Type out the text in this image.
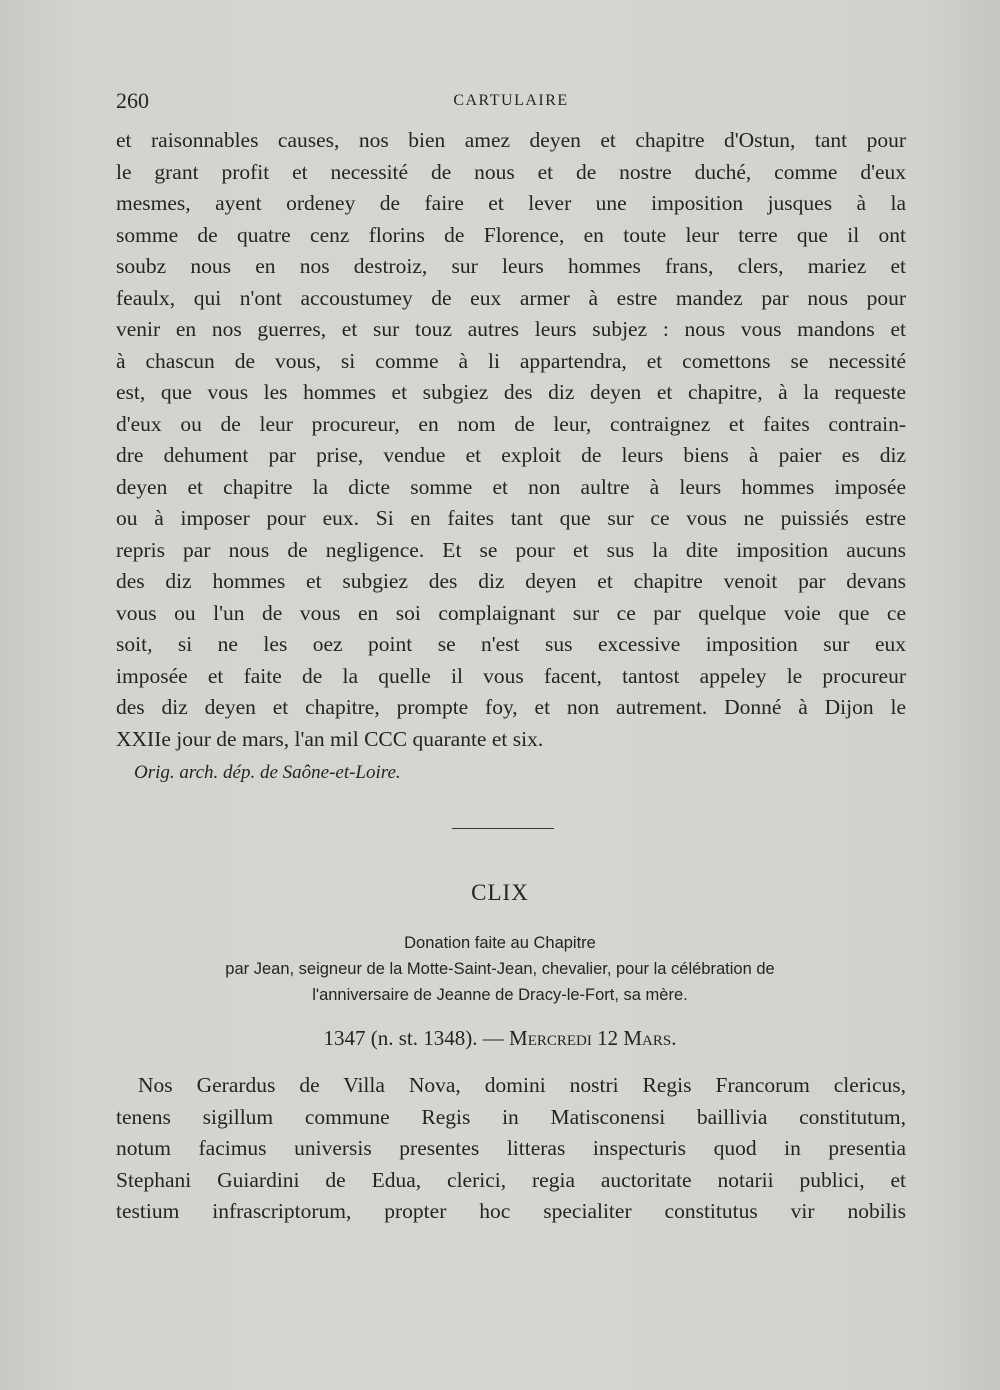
260	CARTULAIRE
et raisonnables causes, nos bien amez deyen et chapitre d'Ostun, tant pour
le grant profit et necessité de nous et de nostre duché, comme d'eux
mesmes, ayent ordeney de faire et lever une imposition jusques à la
somme de quatre cenz florins de Florence, en toute leur terre que il ont
soubz nous en nos destroiz, sur leurs hommes frans, clers, mariez et
feaulx, qui n'ont accoustumey de eux armer à estre mandez par nous pour
venir en nos guerres, et sur touz autres leurs subjez : nous vous mandons et
à chascun de vous, si comme à li appartendra, et comettons se necessité
est, que vous les hommes et subgiez des diz deyen et chapitre, à la requeste
d'eux ou de leur procureur, en nom de leur, contraignez et faites contrain-
dre dehument par prise, vendue et exploit de leurs biens à paier es diz
deyen et chapitre la dicte somme et non aultre à leurs hommes imposée
ou à imposer pour eux. Si en faites tant que sur ce vous ne puissiés estre
repris par nous de negligence. Et se pour et sus la dite imposition aucuns
des diz hommes et subgiez des diz deyen et chapitre venoit par devans
vous ou l'un de vous en soi complaignant sur ce par quelque voie que ce
soit, si ne les oez point se n'est sus excessive imposition sur eux
imposée et faite de la quelle il vous facent, tantost appeley le procureur
des diz deyen et chapitre, prompte foy, et non autrement. Donné à Dijon le
XXIIe jour de mars, l'an mil CCC quarante et six.
Orig. arch. dép. de Saône-et-Loire.
CLIX
Donation faite au Chapitre
par Jean, seigneur de la Motte-Saint-Jean, chevalier, pour la célébration de
l'anniversaire de Jeanne de Dracy-le-Fort, sa mère.
1347 (n. st. 1348). — Mercredi 12 Mars.
Nos Gerardus de Villa Nova, domini nostri Regis Francorum clericus,
tenens sigillum commune Regis in Matisconensi baillivia constitutum,
notum facimus universis presentes litteras inspecturis quod in presentia
Stephani Guiardini de Edua, clerici, regia auctoritate notarii publici, et
testium infrascriptorum, propter hoc specialiter constitutus vir nobilis
